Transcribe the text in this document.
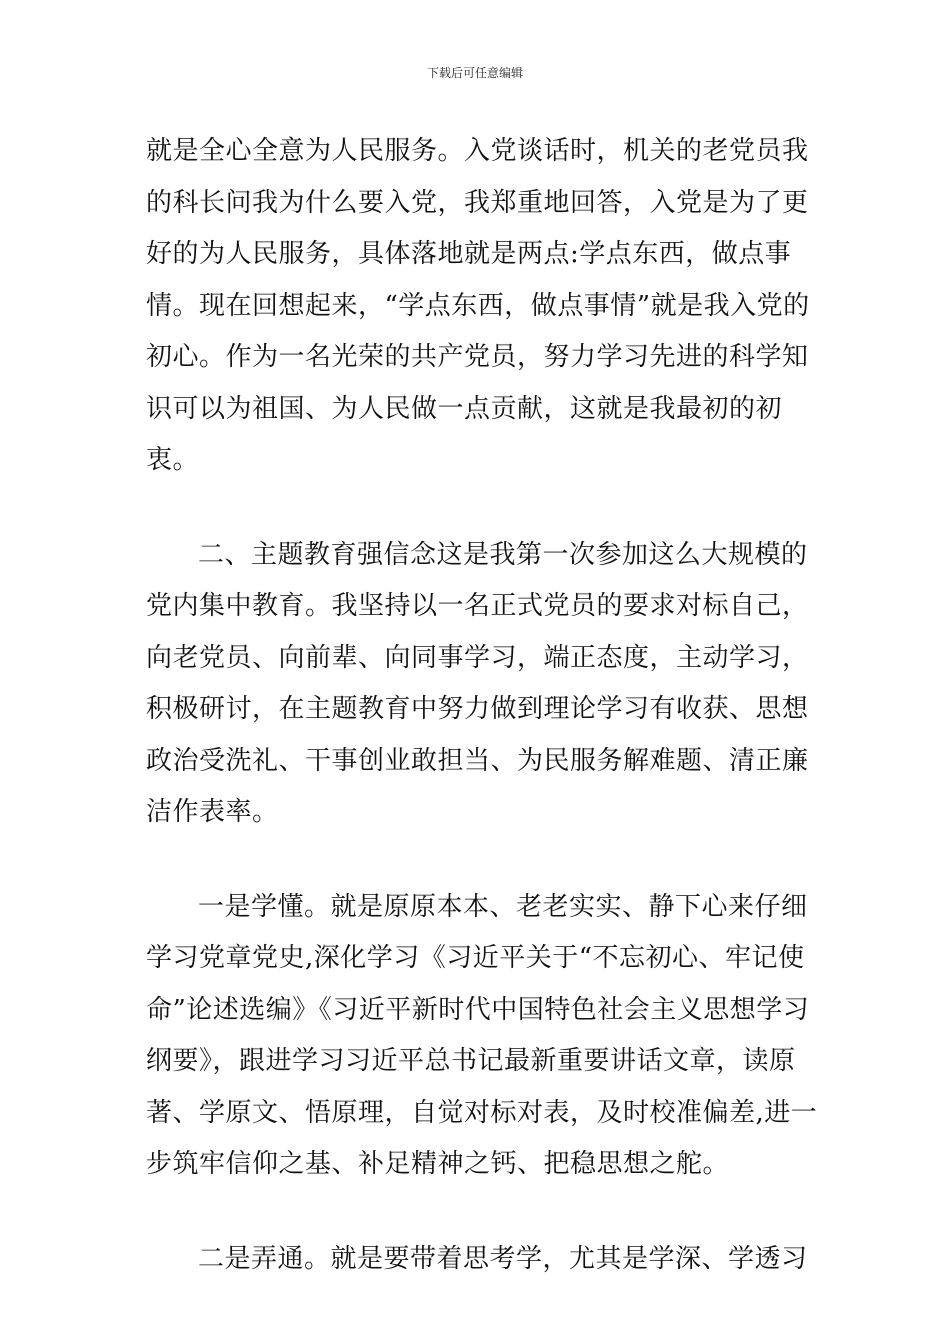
下载后可任意编辑

就是全心全意为人民服务。入党谈话时，机关的老党员我的科长问我为什么要入党，我郑重地回答，入党是为了更好的为人民服务，具体落地就是两点:学点东西，做点事情。现在回想起来，“学点东西，做点事情”就是我入党的初心。作为一名光荣的共产党员，努力学习先进的科学知识可以为祖国、为人民做一点贡献，这就是我最初的初衷。

二、主题教育强信念这是我第一次参加这么大规模的党内集中教育。我坚持以一名正式党员的要求对标自己，向老党员、向前辈、向同事学习，端正态度，主动学习，积极研讨，在主题教育中努力做到理论学习有收获、思想政治受洗礼、干事创业敢担当、为民服务解难题、清正廉洁作表率。

一是学懂。就是原原本本、老老实实、静下心来仔细学习党章党史,深化学习《习近平关于“不忘初心、牢记使命”论述选编》《习近平新时代中国特色社会主义思想学习纲要》，跟进学习习近平总书记最新重要讲话文章，读原著、学原文、悟原理，自觉对标对表，及时校准偏差,进一步筑牢信仰之基、补足精神之钙、把稳思想之舵。

二是弄通。就是要带着思考学，尤其是学深、学透习
